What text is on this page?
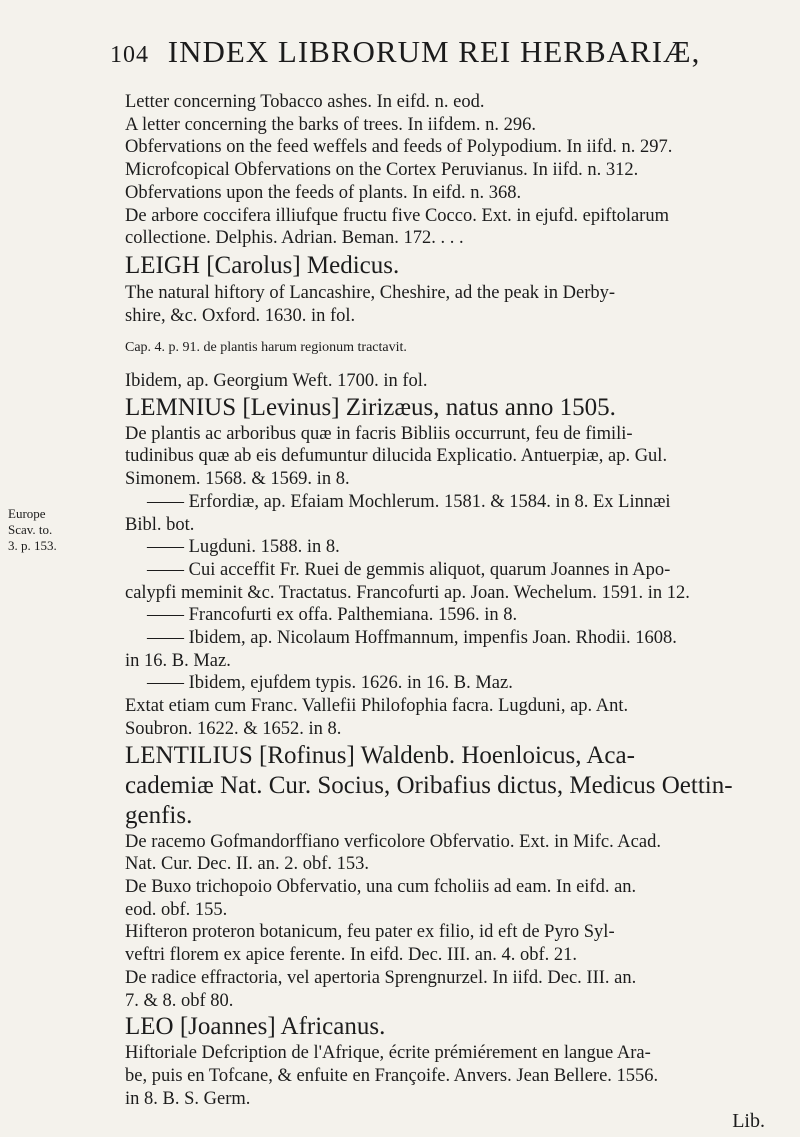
104 INDEX LIBRORUM REI HERBARIÆ,
Europe
Scav. to.
3. p. 153.
Letter concerning Tobacco ashes. In eifd. n. eod.
A letter concerning the barks of trees. In iifdem. n. 296.
Obfervations on the feed weffels and feeds of Polypodium. In iifd. n. 297.
Microfcopical Obfervations on the Cortex Peruvianus. In iifd. n. 312.
Obfervations upon the feeds of plants. In eifd. n. 368.
De arbore coccifera illiufque fructu five Cocco. Ext. in ejufd. epiftolarum
collectione. Delphis. Adrian. Beman. 172. . . .
LEIGH [Carolus] Medicus.
The natural hiftory of Lancashire, Cheshire, ad the peak in Derby-
shire, &c. Oxford. 1630. in fol.
Cap. 4. p. 91. de plantis harum regionum tractavit.
Ibidem, ap. Georgium Weft. 1700. in fol.
LEMNIUS [Levinus] Zirizæus, natus anno 1505.
De plantis ac arboribus quæ in facris Bibliis occurrunt, feu de fimili-
tudinibus quæ ab eis defumuntur dilucida Explicatio. Antuerpiæ, ap. Gul.
Simonem. 1568. & 1569. in 8.
—— Erfordiæ, ap. Efaiam Mochlerum. 1581. & 1584. in 8. Ex Linnæi
Bibl. bot.
—— Lugduni. 1588. in 8.
—— Cui acceffit Fr. Ruei de gemmis aliquot, quarum Joannes in Apo-
calypfi meminit &c. Tractatus. Francofurti ap. Joan. Wechelum. 1591. in 12.
—— Francofurti ex offa. Palthemiana. 1596. in 8.
—— Ibidem, ap. Nicolaum Hoffmannum, impenfis Joan. Rhodii. 1608.
in 16. B. Maz.
—— Ibidem, ejufdem typis. 1626. in 16. B. Maz.
Extat etiam cum Franc. Vallefii Philofophia facra. Lugduni, ap. Ant.
Soubron. 1622. & 1652. in 8.
LENTILIUS [Rofinus] Waldenb. Hoenloicus, Aca-
cademiæ Nat. Cur. Socius, Oribafius dictus, Medicus Oettin-
genfis.
De racemo Gofmandorffiano verficolore Obfervatio. Ext. in Mifc. Acad.
Nat. Cur. Dec. II. an. 2. obf. 153.
De Buxo trichopoio Obfervatio, una cum fcholiis ad eam. In eifd. an.
eod. obf. 155.
Hifteron proteron botanicum, feu pater ex filio, id eft de Pyro Syl-
veftri florem ex apice ferente. In eifd. Dec. III. an. 4. obf. 21.
De radice effractoria, vel apertoria Sprengnurzel. In iifd. Dec. III. an.
7. & 8. obf 80.
LEO [Joannes] Africanus.
Hiftoriale Defcription de l'Afrique, écrite prémiérement en langue Ara-
be, puis en Tofcane, & enfuite en Françoife. Anvers. Jean Bellere. 1556.
in 8. B. S. Germ.
Lib.
